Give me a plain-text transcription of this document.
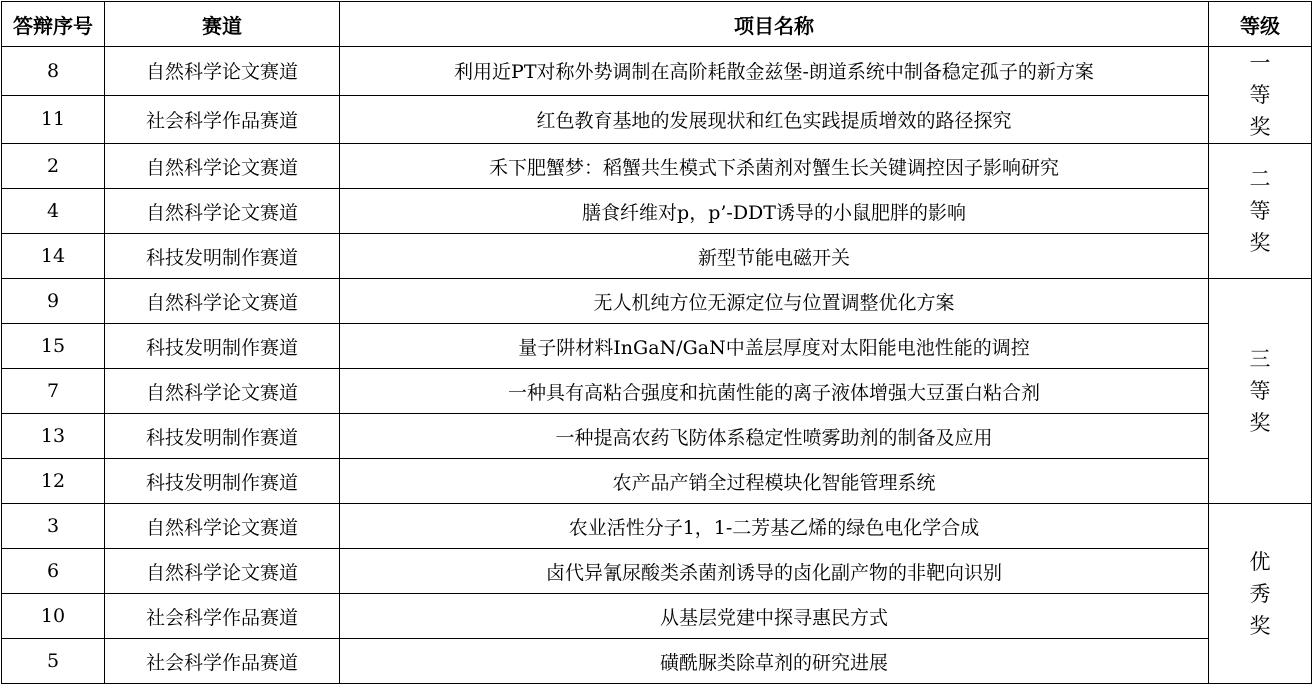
答辩序号	赛道	项目名称	等级
8	自然科学论文赛道	利用近PT对称外势调制在高阶耗散金兹堡-朗道系统中制备稳定孤子的新方案	一
等
奖

11	社会科学作品赛道	红色教育基地的发展现状和红色实践提质增效的路径探究	
2	自然科学论文赛道	禾下肥蟹梦：稻蟹共生模式下杀菌剂对蟹生长关键调控因子影响研究	二
等
奖

4	自然科学论文赛道	膳食纤维对p，p’-DDT诱导的小鼠肥胖的影响	
14	科技发明制作赛道	新型节能电磁开关	
9	自然科学论文赛道	无人机纯方位无源定位与位置调整优化方案	三
等
奖

15	科技发明制作赛道	量子阱材料InGaN/GaN中盖层厚度对太阳能电池性能的调控	
7	自然科学论文赛道	一种具有高粘合强度和抗菌性能的离子液体增强大豆蛋白粘合剂	
13	科技发明制作赛道	一种提高农药飞防体系稳定性喷雾助剂的制备及应用	
12	科技发明制作赛道	农产品产销全过程模块化智能管理系统	
3	自然科学论文赛道	农业活性分子1，1-二芳基乙烯的绿色电化学合成	优
秀
奖

6	自然科学论文赛道	卤代异氰尿酸类杀菌剂诱导的卤化副产物的非靶向识别	
10	社会科学作品赛道	从基层党建中探寻惠民方式	
5	社会科学作品赛道	磺酰脲类除草剂的研究进展	
